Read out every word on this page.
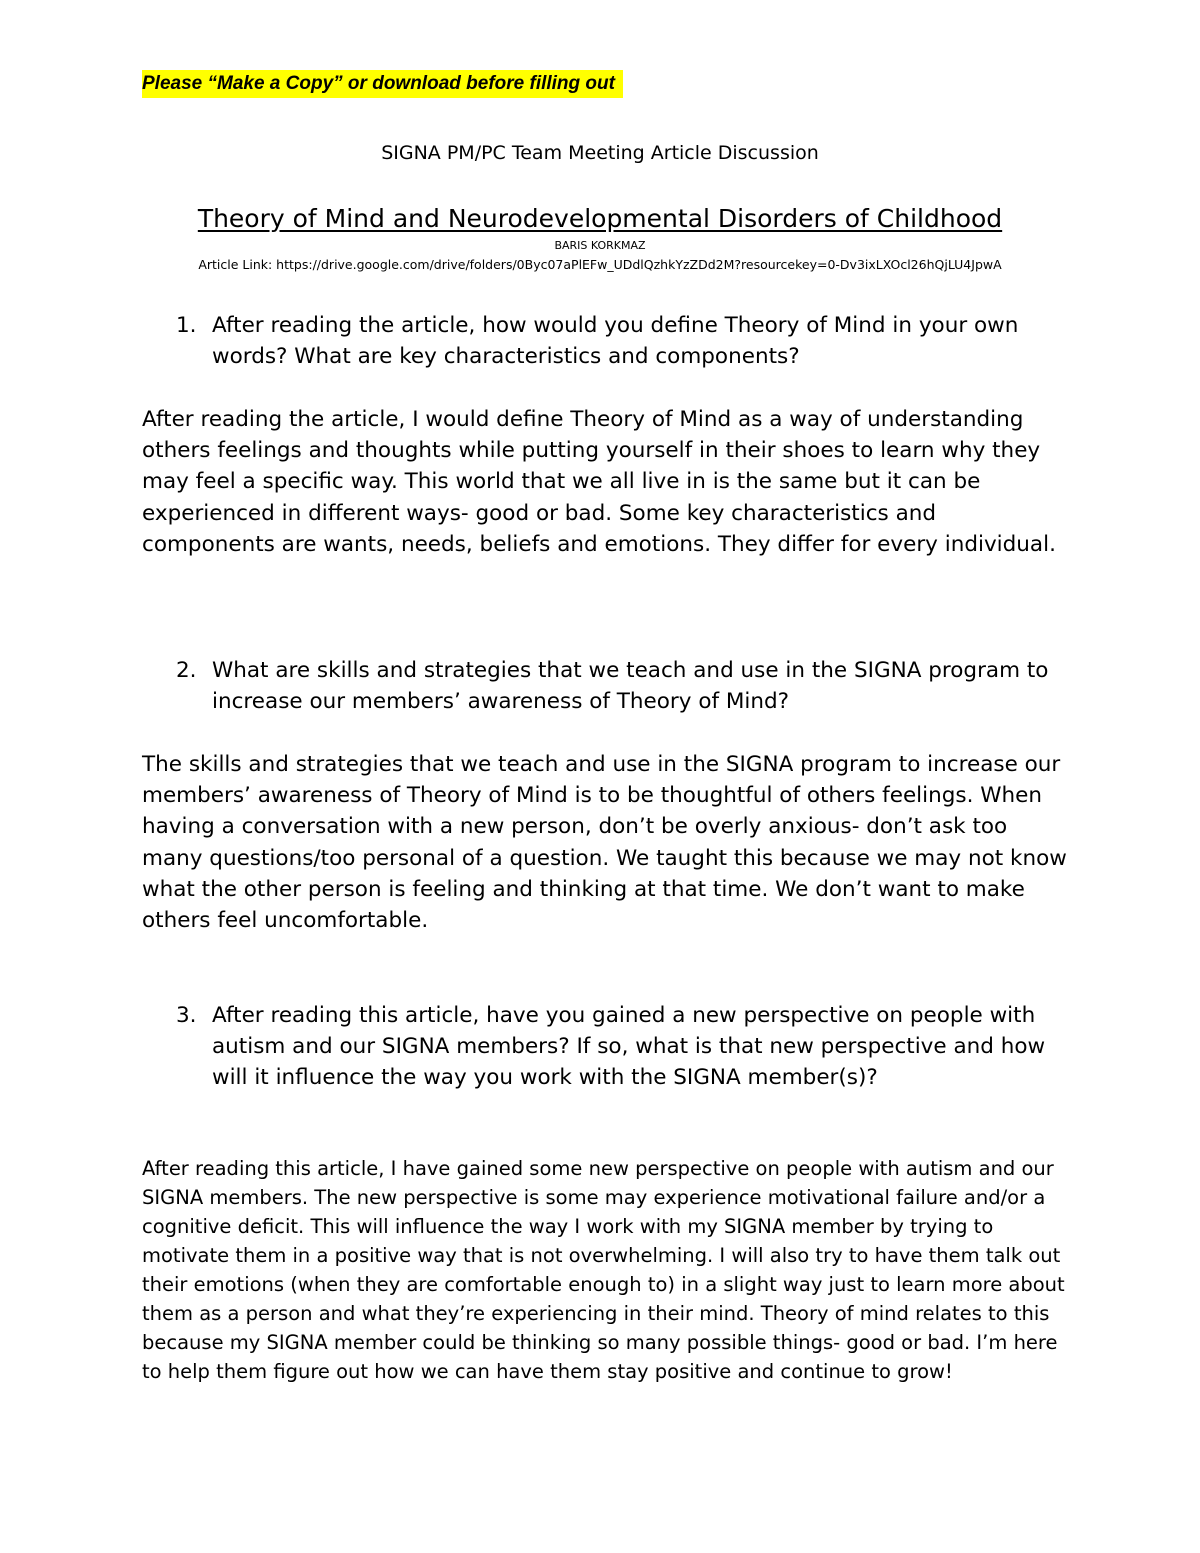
Please “Make a Copy” or download before filling out
SIGNA PM/PC Team Meeting Article Discussion
Theory of Mind and Neurodevelopmental Disorders of Childhood
BARIS KORKMAZ
Article Link: https://drive.google.com/drive/folders/0Byc07aPlEFw_UDdlQzhkYzZDd2M?resourcekey=0-Dv3ixLXOcl26hQjLU4JpwA
1. After reading the article, how would you define Theory of Mind in your own words? What are key characteristics and components?
After reading the article, I would define Theory of Mind as a way of understanding others feelings and thoughts while putting yourself in their shoes to learn why they may feel a specific way. This world that we all live in is the same but it can be experienced in different ways- good or bad. Some key characteristics and components are wants, needs, beliefs and emotions. They differ for every individual.
2. What are skills and strategies that we teach and use in the SIGNA program to increase our members’ awareness of Theory of Mind?
The skills and strategies that we teach and use in the SIGNA program to increase our members’ awareness of Theory of Mind is to be thoughtful of others feelings. When having a conversation with a new person, don’t be overly anxious- don’t ask too many questions/too personal of a question. We taught this because we may not know what the other person is feeling and thinking at that time. We don’t want to make others feel uncomfortable.
3. After reading this article, have you gained a new perspective on people with autism and our SIGNA members? If so, what is that new perspective and how will it influence the way you work with the SIGNA member(s)?
After reading this article, I have gained some new perspective on people with autism and our SIGNA members. The new perspective is some may experience motivational failure and/or a cognitive deficit. This will influence the way I work with my SIGNA member by trying to motivate them in a positive way that is not overwhelming. I will also try to have them talk out their emotions (when they are comfortable enough to) in a slight way just to learn more about them as a person and what they’re experiencing in their mind. Theory of mind relates to this because my SIGNA member could be thinking so many possible things- good or bad. I’m here to help them figure out how we can have them stay positive and continue to grow!
